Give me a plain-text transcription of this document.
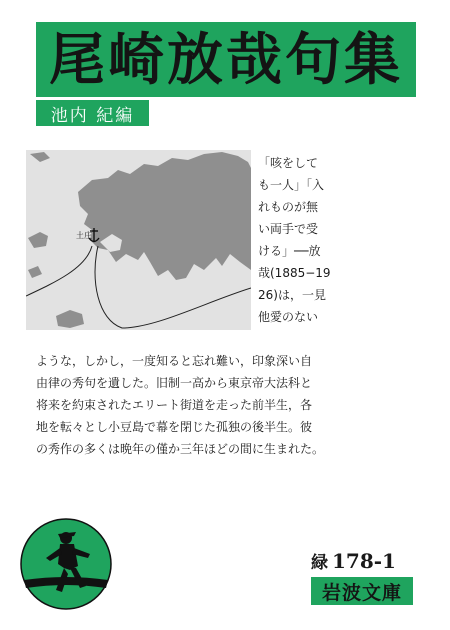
尾崎放哉句集
池内 紀編
土庄
「咳をして
も一人」「入
れものが無
い両手で受
ける」──放
哉(1885−19
26)は，一見
他愛のない
ような，しかし，一度知ると忘れ難い，印象深い自
由律の秀句を遺した。旧制一高から東京帝大法科と
将来を約束されたエリート街道を走った前半生，各
地を転々とし小豆島で幕を閉じた孤独の後半生。彼
の秀作の多くは晩年の僅か三年ほどの間に生まれた。
緑 178-1
岩波文庫
